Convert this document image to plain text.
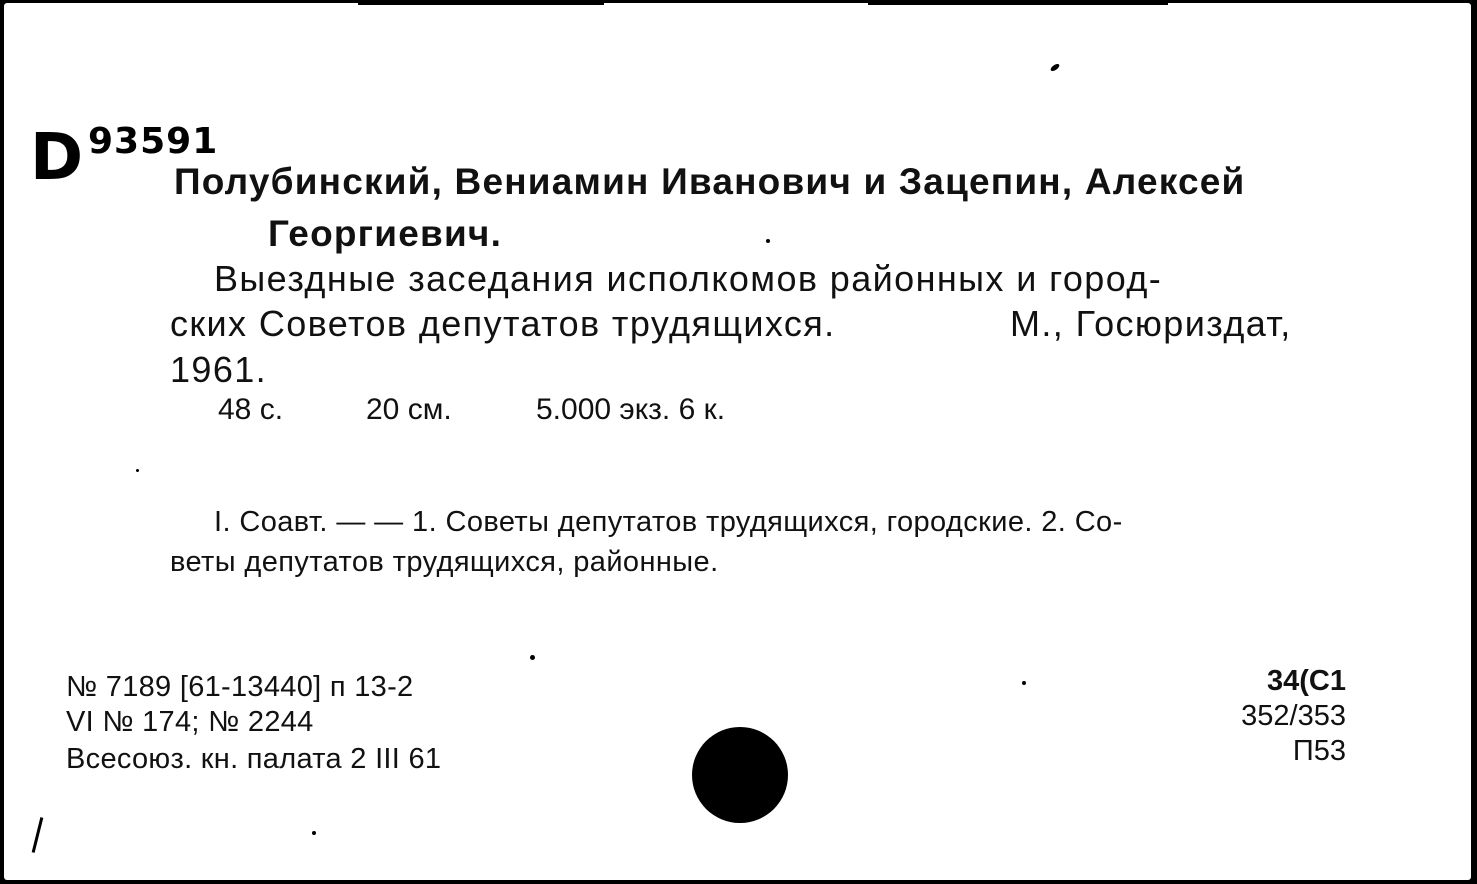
D 93591
Полубинский, Вениамин Иванович и Зацепин, Алексей
Георгиевич.
Выездные заседания исполкомов районных и город-
ских Советов депутатов трудящихся.	М., Госюриздат,
1961.
48 с.	20 см.	5.000 экз. 6 к.
I. Соавт. — — 1. Советы депутатов трудящихся, городские. 2. Со-
веты депутатов трудящихся, районные.
№ 7189 [61-13440] п 13-2
VI № 174; № 2244
Всесоюз. кн. палата 2 III 61
34(С1
352/353
П53
